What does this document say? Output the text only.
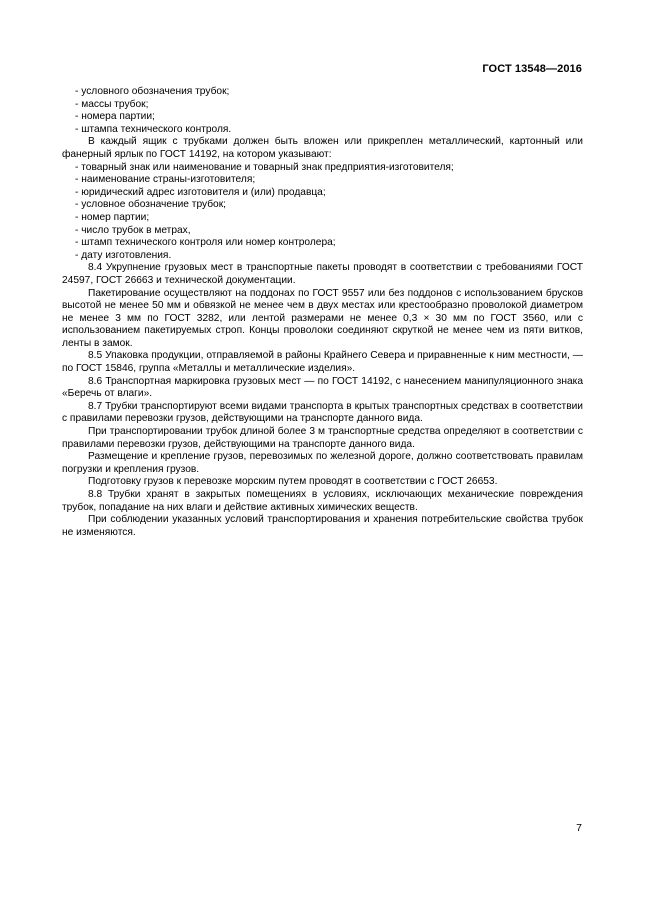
ГОСТ 13548—2016
- условного обозначения трубок;
- массы трубок;
- номера партии;
- штампа технического контроля.

В каждый ящик с трубками должен быть вложен или прикреплен металлический, картонный или фанерный ярлык по ГОСТ 14192, на котором указывают:

- товарный знак или наименование и товарный знак предприятия-изготовителя;
- наименование страны-изготовителя;
- юридический адрес изготовителя и (или) продавца;
- условное обозначение трубок;
- номер партии;
- число трубок в метрах,
- штамп технического контроля или номер контролера;
- дату изготовления.

8.4 Укрупнение грузовых мест в транспортные пакеты проводят в соответствии с требованиями ГОСТ 24597, ГОСТ 26663 и технической документации.

Пакетирование осуществляют на поддонах по ГОСТ 9557 или без поддонов с использованием брусков высотой не менее 50 мм и обвязкой не менее чем в двух местах или крестообразно проволокой диаметром не менее 3 мм по ГОСТ 3282, или лентой размерами не менее 0,3 × 30 мм по ГОСТ 3560, или с использованием пакетируемых строп. Концы проволоки соединяют скруткой не менее чем из пяти витков, ленты в замок.

8.5 Упаковка продукции, отправляемой в районы Крайнего Севера и приравненные к ним местности, — по ГОСТ 15846, группа «Металлы и металлические изделия».

8.6 Транспортная маркировка грузовых мест — по ГОСТ 14192, с нанесением манипуляционного знака «Беречь от влаги».

8.7 Трубки транспортируют всеми видами транспорта в крытых транспортных средствах в соответствии с правилами перевозки грузов, действующими на транспорте данного вида.

При транспортировании трубок длиной более 3 м транспортные средства определяют в соответствии с правилами перевозки грузов, действующими на транспорте данного вида.

Размещение и крепление грузов, перевозимых по железной дороге, должно соответствовать правилам погрузки и крепления грузов.

Подготовку грузов к перевозке морским путем проводят в соответствии с ГОСТ 26653.

8.8 Трубки хранят в закрытых помещениях в условиях, исключающих механические повреждения трубок, попадание на них влаги и действие активных химических веществ.

При соблюдении указанных условий транспортирования и хранения потребительские свойства трубок не изменяются.

7
